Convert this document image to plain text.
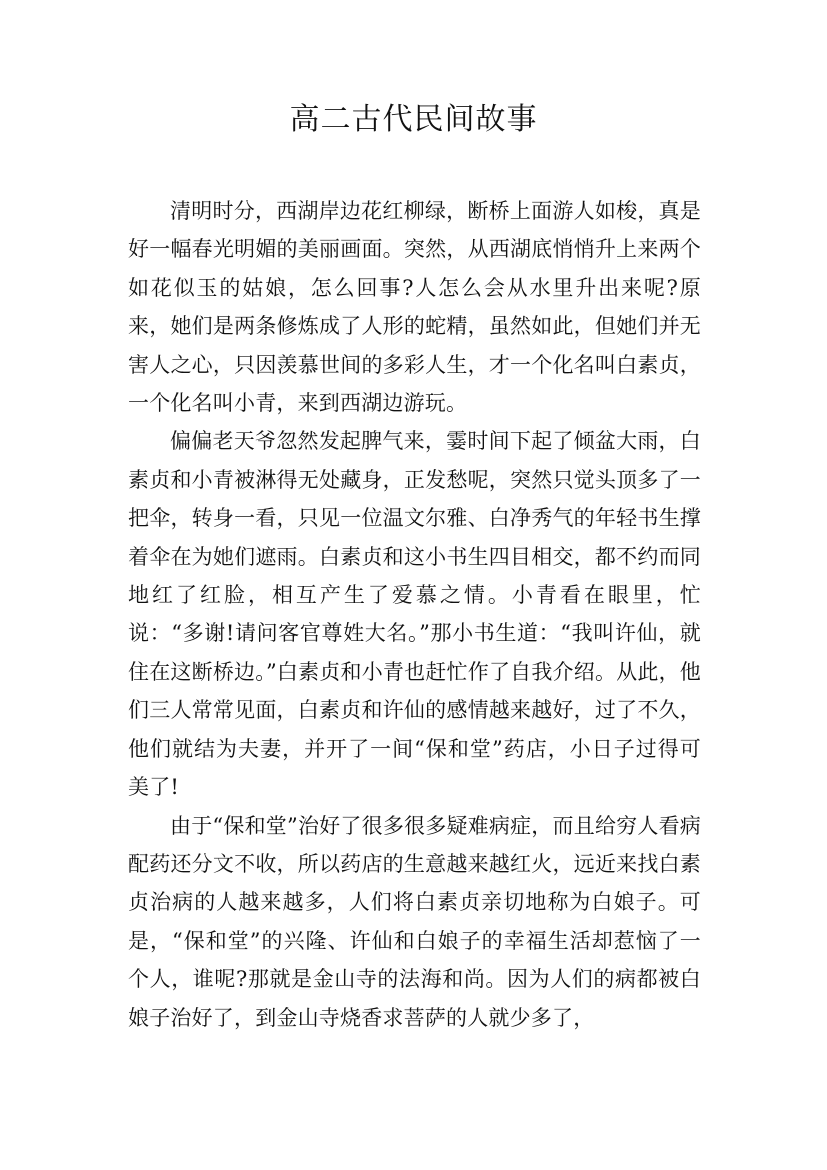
高二古代民间故事

清明时分，西湖岸边花红柳绿，断桥上面游人如梭，真是好一幅春光明媚的美丽画面。突然，从西湖底悄悄升上来两个如花似玉的姑娘，怎么回事?人怎么会从水里升出来呢?原来，她们是两条修炼成了人形的蛇精，虽然如此，但她们并无害人之心，只因羡慕世间的多彩人生，才一个化名叫白素贞，一个化名叫小青，来到西湖边游玩。

偏偏老天爷忽然发起脾气来，霎时间下起了倾盆大雨，白素贞和小青被淋得无处藏身，正发愁呢，突然只觉头顶多了一把伞，转身一看，只见一位温文尔雅、白净秀气的年轻书生撑着伞在为她们遮雨。白素贞和这小书生四目相交，都不约而同地红了红脸，相互产生了爱慕之情。小青看在眼里，忙说：“多谢!请问客官尊姓大名。”那小书生道：“我叫许仙，就住在这断桥边。”白素贞和小青也赶忙作了自我介绍。从此，他们三人常常见面，白素贞和许仙的感情越来越好，过了不久，他们就结为夫妻，并开了一间“保和堂”药店，小日子过得可美了!

由于“保和堂”治好了很多很多疑难病症，而且给穷人看病配药还分文不收，所以药店的生意越来越红火，远近来找白素贞治病的人越来越多，人们将白素贞亲切地称为白娘子。可是，“保和堂”的兴隆、许仙和白娘子的幸福生活却惹恼了一个人，谁呢?那就是金山寺的法海和尚。因为人们的病都被白娘子治好了，到金山寺烧香求菩萨的人就少多了，
